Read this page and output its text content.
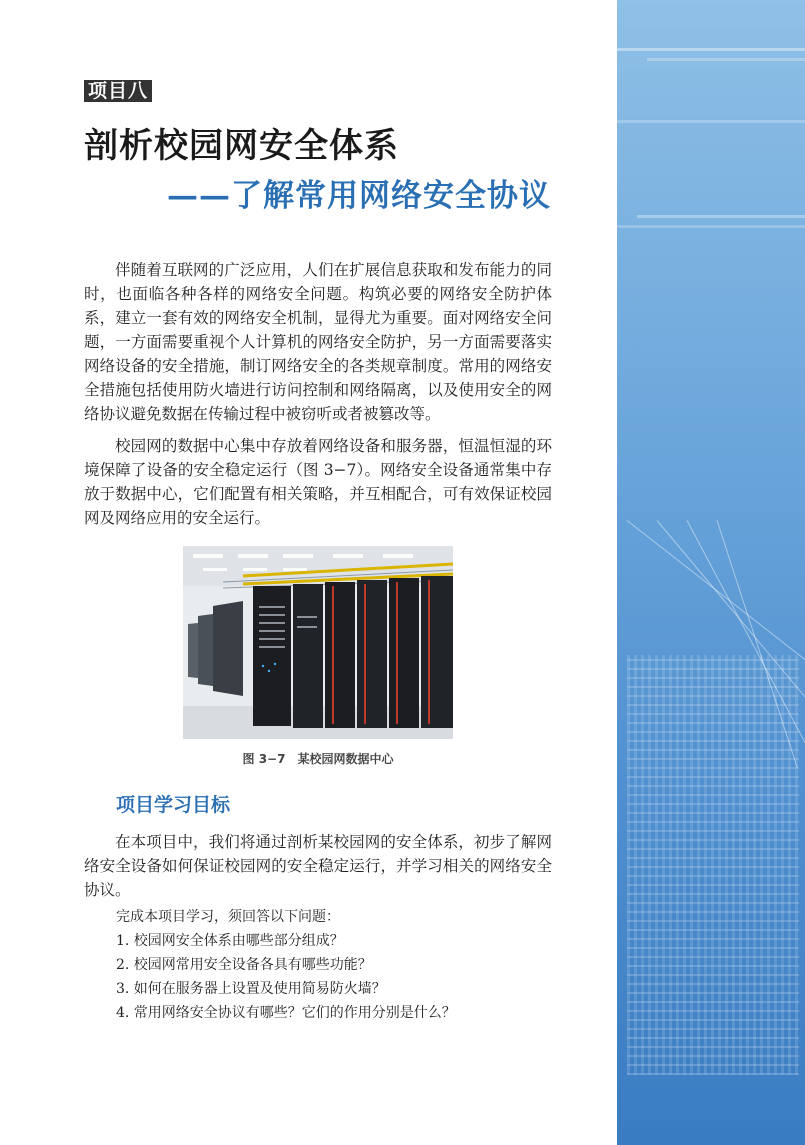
项目八
剖析校园网安全体系
——了解常用网络安全协议

伴随着互联网的广泛应用，人们在扩展信息获取和发布能力的同时，也面临各种各样的网络安全问题。构筑必要的网络安全防护体系，建立一套有效的网络安全机制，显得尤为重要。面对网络安全问题，一方面需要重视个人计算机的网络安全防护，另一方面需要落实网络设备的安全措施，制订网络安全的各类规章制度。常用的网络安全措施包括使用防火墙进行访问控制和网络隔离，以及使用安全的网络协议避免数据在传输过程中被窃听或者被篡改等。

校园网的数据中心集中存放着网络设备和服务器，恒温恒湿的环境保障了设备的安全稳定运行（图 3−7）。网络安全设备通常集中存放于数据中心，它们配置有相关策略，并互相配合，可有效保证校园网及网络应用的安全运行。

图 3−7　某校园网数据中心
项目学习目标

在本项目中，我们将通过剖析某校园网的安全体系，初步了解网络安全设备如何保证校园网的安全稳定运行，并学习相关的网络安全协议。

完成本项目学习，须回答以下问题：
1. 校园网安全体系由哪些部分组成？
2. 校园网常用安全设备各具有哪些功能？
3. 如何在服务器上设置及使用简易防火墙？
4. 常用网络安全协议有哪些？它们的作用分别是什么？
